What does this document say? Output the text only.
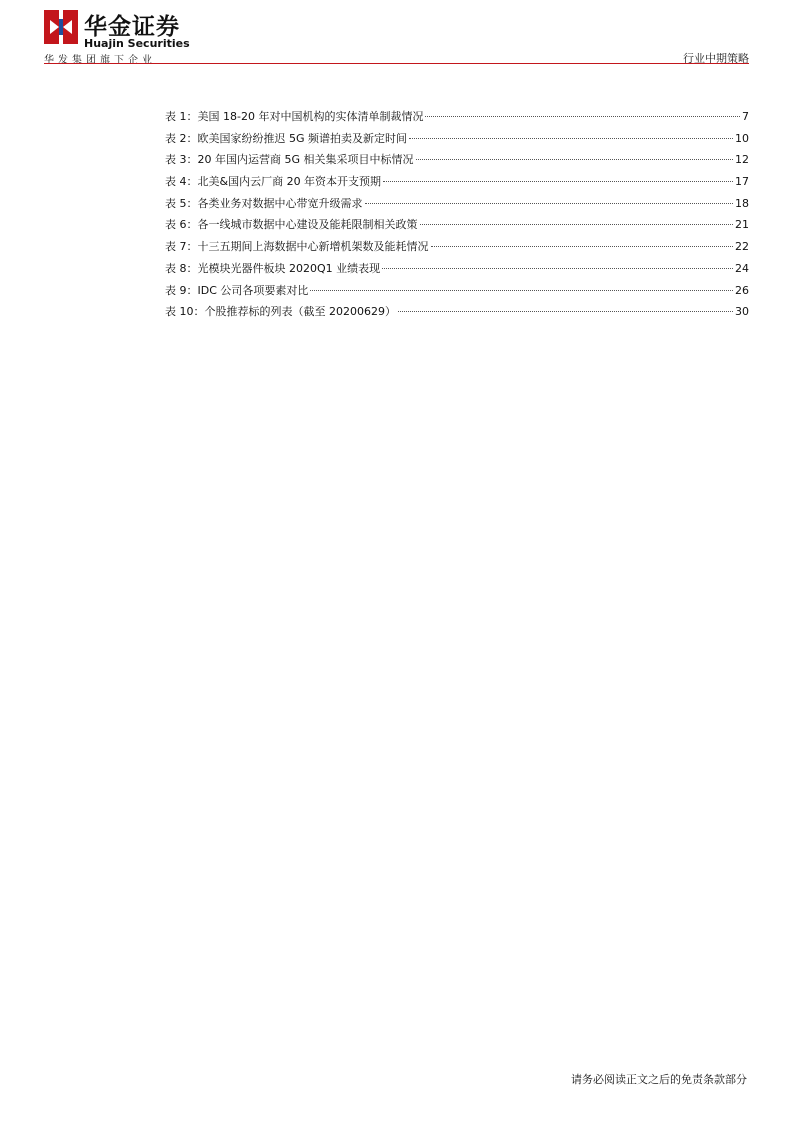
华金证券
Huajin Securities
华发集团旗下企业	行业中期策略
表 1：美国 18-20 年对中国机构的实体清单制裁情况	7
表 2：欧美国家纷纷推迟 5G 频谱拍卖及新定时间	10
表 3：20 年国内运营商 5G 相关集采项目中标情况	12
表 4：北美&国内云厂商 20 年资本开支预期	17
表 5：各类业务对数据中心带宽升级需求	18
表 6：各一线城市数据中心建设及能耗限制相关政策	21
表 7：十三五期间上海数据中心新增机架数及能耗情况	22
表 8：光模块光器件板块 2020Q1 业绩表现	24
表 9：IDC 公司各项要素对比	26
表 10：个股推荐标的列表（截至 20200629）	30
请务必阅读正文之后的免责条款部分
